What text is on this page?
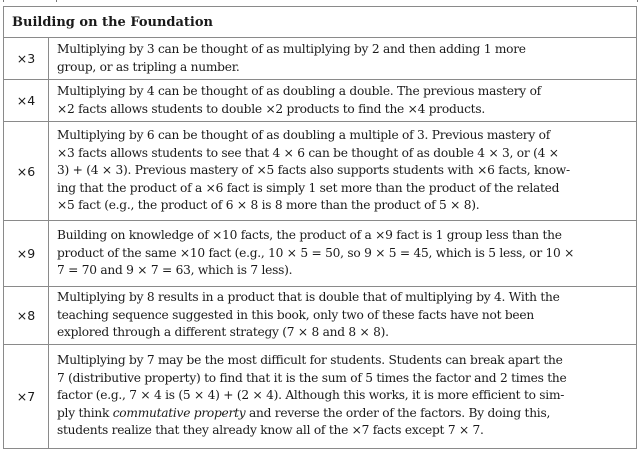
Building on the Foundation	
×3	Multiplying by 3 can be thought of as multiplying by 2 and then adding 1 more
group, or as tripling a number.

×4	Multiplying by 4 can be thought of as doubling a double. The previous mastery of
×2 facts allows students to double ×2 products to find the ×4 products.

×6	Multiplying by 6 can be thought of as doubling a multiple of 3. Previous mastery of
×3 facts allows students to see that 4 × 6 can be thought of as double 4 × 3, or (4 ×
3) + (4 × 3). Previous mastery of ×5 facts also supports students with ×6 facts, know-
ing that the product of a ×6 fact is simply 1 set more than the product of the related
×5 fact (e.g., the product of 6 × 8 is 8 more than the product of 5 × 8).

×9	Building on knowledge of ×10 facts, the product of a ×9 fact is 1 group less than the
product of the same ×10 fact (e.g., 10 × 5 = 50, so 9 × 5 = 45, which is 5 less, or 10 ×
7 = 70 and 9 × 7 = 63, which is 7 less).

×8	Multiplying by 8 results in a product that is double that of multiplying by 4. With the
teaching sequence suggested in this book, only two of these facts have not been
explored through a different strategy (7 × 8 and 8 × 8).

×7	Multiplying by 7 may be the most difficult for students. Students can break apart the
7 (distributive property) to find that it is the sum of 5 times the factor and 2 times the
factor (e.g., 7 × 4 is (5 × 4) + (2 × 4). Although this works, it is more efficient to sim-
ply think commutative property and reverse the order of the factors. By doing this,
students realize that they already know all of the ×7 facts except 7 × 7.
